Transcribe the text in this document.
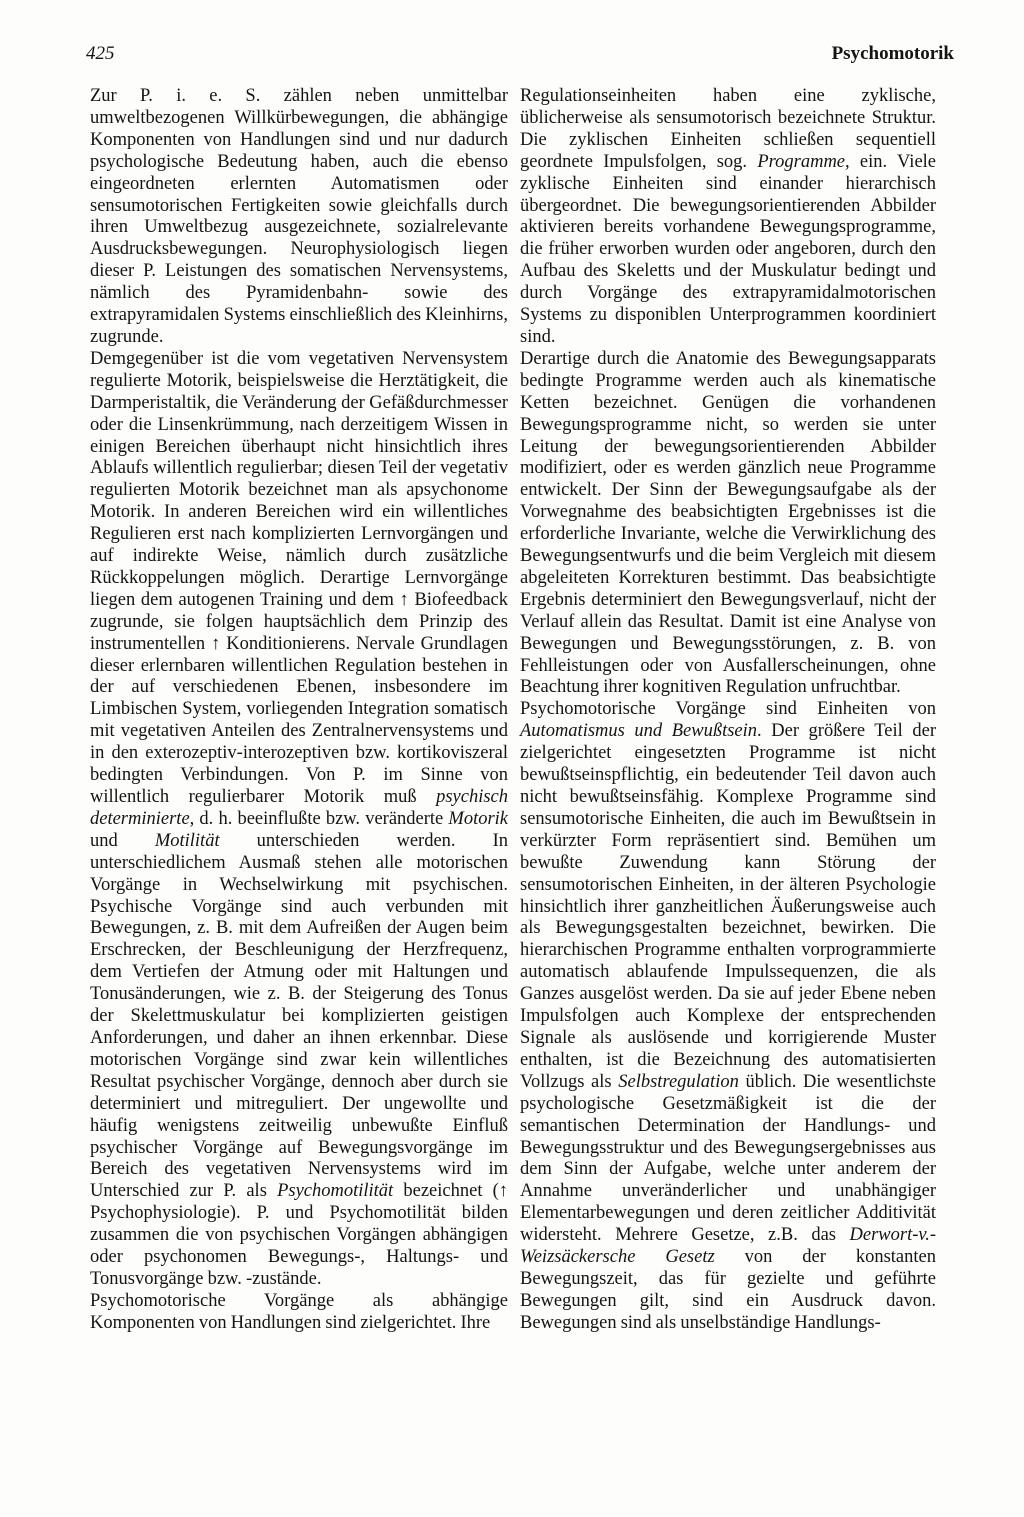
425	Psychomotorik

Zur P. i. e. S. zählen neben unmittelbar umweltbezogenen Willkürbewegungen, die abhängige Komponenten von Handlungen sind und nur dadurch psychologische Bedeutung haben, auch die ebenso eingeordneten erlernten Automatismen oder sensumotorischen Fertigkeiten sowie gleichfalls durch ihren Umweltbezug ausgezeichnete, sozialrelevante Ausdrucksbewegungen. Neurophysiologisch liegen dieser P. Leistungen des somatischen Nervensystems, nämlich des Pyramidenbahn- sowie des extrapyramidalen Systems einschließlich des Kleinhirns, zugrunde.

Demgegenüber ist die vom vegetativen Nervensystem regulierte Motorik, beispielsweise die Herztätigkeit, die Darmperistaltik, die Veränderung der Gefäßdurchmesser oder die Linsenkrümmung, nach derzeitigem Wissen in einigen Bereichen überhaupt nicht hinsichtlich ihres Ablaufs willentlich regulierbar; diesen Teil der vegetativ regulierten Motorik bezeichnet man als apsychonome Motorik. In anderen Bereichen wird ein willentliches Regulieren erst nach komplizierten Lernvorgängen und auf indirekte Weise, nämlich durch zusätzliche Rückkoppelungen möglich. Derartige Lernvorgänge liegen dem autogenen Training und dem ↑ Biofeedback zugrunde, sie folgen hauptsächlich dem Prinzip des instrumentellen ↑ Konditionierens. Nervale Grundlagen dieser erlernbaren willentlichen Regulation bestehen in der auf verschiedenen Ebenen, insbesondere im Limbischen System, vorliegenden Integration somatisch mit vegetativen Anteilen des Zentralnervensystems und in den exterozeptiv-interozeptiven bzw. kortikoviszeral bedingten Verbindungen. Von P. im Sinne von willentlich regulierbarer Motorik muß psychisch determinierte, d. h. beeinflußte bzw. veränderte Motorik und Motilität unterschieden werden. In unterschiedlichem Ausmaß stehen alle motorischen Vorgänge in Wechselwirkung mit psychischen. Psychische Vorgänge sind auch verbunden mit Bewegungen, z. B. mit dem Aufreißen der Augen beim Erschrecken, der Beschleunigung der Herzfrequenz, dem Vertiefen der Atmung oder mit Haltungen und Tonusänderungen, wie z. B. der Steigerung des Tonus der Skelettmuskulatur bei komplizierten geistigen Anforderungen, und daher an ihnen erkennbar. Diese motorischen Vorgänge sind zwar kein willentliches Resultat psychischer Vorgänge, dennoch aber durch sie determiniert und mitreguliert. Der ungewollte und häufig wenigstens zeitweilig unbewußte Einfluß psychischer Vorgänge auf Bewegungsvorgänge im Bereich des vegetativen Nervensystems wird im Unterschied zur P. als Psychomotilität bezeichnet (↑ Psychophysiologie). P. und Psychomotilität bilden zusammen die von psychischen Vorgängen abhängigen oder psychonomen Bewegungs-, Haltungs- und Tonusvorgänge bzw. -zustände.

Psychomotorische Vorgänge als abhängige Komponenten von Handlungen sind zielgerichtet. Ihre

Regulationseinheiten haben eine zyklische, üblicherweise als sensumotorisch bezeichnete Struktur. Die zyklischen Einheiten schließen sequentiell geordnete Impulsfolgen, sog. Programme, ein. Viele zyklische Einheiten sind einander hierarchisch übergeordnet. Die bewegungsorientierenden Abbilder aktivieren bereits vorhandene Bewegungsprogramme, die früher erworben wurden oder angeboren, durch den Aufbau des Skeletts und der Muskulatur bedingt und durch Vorgänge des extrapyramidalmotorischen Systems zu disponiblen Unterprogrammen koordiniert sind.

Derartige durch die Anatomie des Bewegungsapparats bedingte Programme werden auch als kinematische Ketten bezeichnet. Genügen die vorhandenen Bewegungsprogramme nicht, so werden sie unter Leitung der bewegungsorientierenden Abbilder modifiziert, oder es werden gänzlich neue Programme entwickelt. Der Sinn der Bewegungsaufgabe als der Vorwegnahme des beabsichtigten Ergebnisses ist die erforderliche Invariante, welche die Verwirklichung des Bewegungsentwurfs und die beim Vergleich mit diesem abgeleiteten Korrekturen bestimmt. Das beabsichtigte Ergebnis determiniert den Bewegungsverlauf, nicht der Verlauf allein das Resultat. Damit ist eine Analyse von Bewegungen und Bewegungsstörungen, z. B. von Fehlleistungen oder von Ausfallerscheinungen, ohne Beachtung ihrer kognitiven Regulation unfruchtbar.

Psychomotorische Vorgänge sind Einheiten von Automatismus und Bewußtsein. Der größere Teil der zielgerichtet eingesetzten Programme ist nicht bewußtseinspflichtig, ein bedeutender Teil davon auch nicht bewußtseinsfähig. Komplexe Programme sind sensumotorische Einheiten, die auch im Bewußtsein in verkürzter Form repräsentiert sind. Bemühen um bewußte Zuwendung kann Störung der sensumotorischen Einheiten, in der älteren Psychologie hinsichtlich ihrer ganzheitlichen Äußerungsweise auch als Bewegungsgestalten bezeichnet, bewirken. Die hierarchischen Programme enthalten vorprogrammierte automatisch ablaufende Impulssequenzen, die als Ganzes ausgelöst werden. Da sie auf jeder Ebene neben Impulsfolgen auch Komplexe der entsprechenden Signale als auslösende und korrigierende Muster enthalten, ist die Bezeichnung des automatisierten Vollzugs als Selbstregulation üblich. Die wesentlichste psychologische Gesetzmäßigkeit ist die der semantischen Determination der Handlungs- und Bewegungsstruktur und des Bewegungsergebnisses aus dem Sinn der Aufgabe, welche unter anderem der Annahme unveränderlicher und unabhängiger Elementarbewegungen und deren zeitlicher Additivität widersteht. Mehrere Gesetze, z.B. das Derwort-v.-Weizsäckersche Gesetz von der konstanten Bewegungszeit, das für gezielte und geführte Bewegungen gilt, sind ein Ausdruck davon. Bewegungen sind als unselbständige Handlungs-
